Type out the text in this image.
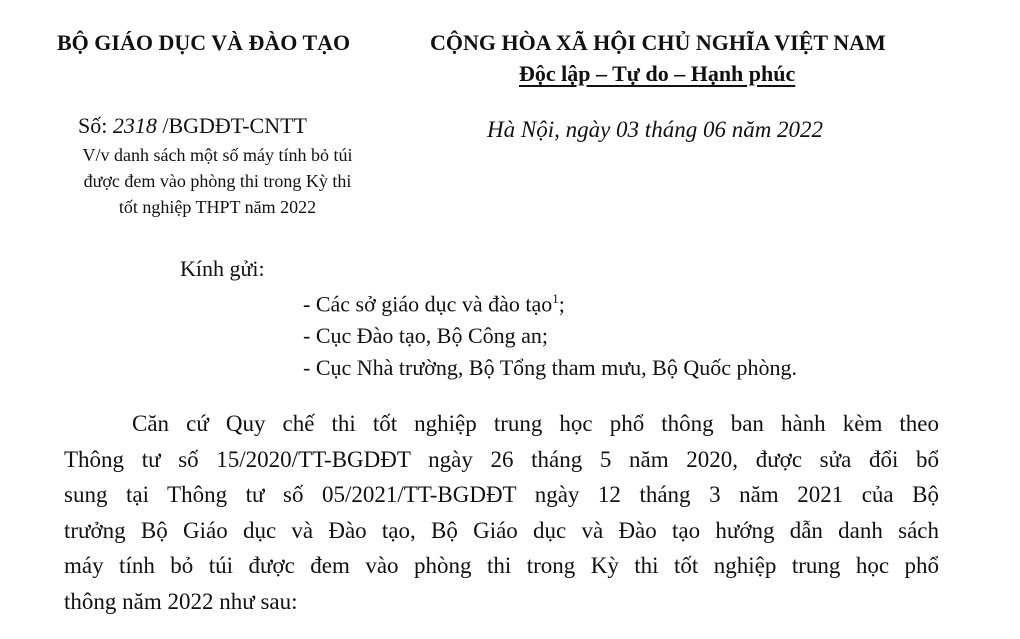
BỘ GIÁO DỤC VÀ ĐÀO TẠO	CỘNG HÒA XÃ HỘI CHỦ NGHĨA VIỆT NAM
Độc lập – Tự do – Hạnh phúc
Số: 2318 /BGDĐT-CNTT	Hà Nội, ngày 03 tháng 06 năm 2022
V/v danh sách một số máy tính bỏ túi
được đem vào phòng thi trong Kỳ thi
tốt nghiệp THPT năm 2022
Kính gửi:
- Các sở giáo dục và đào tạo$^1$;
- Cục Đào tạo, Bộ Công an;
- Cục Nhà trường, Bộ Tổng tham mưu, Bộ Quốc phòng.
Căn cứ Quy chế thi tốt nghiệp trung học phổ thông ban hành kèm theo
Thông tư số 15/2020/TT-BGDĐT ngày 26 tháng 5 năm 2020, được sửa đổi bổ
sung tại Thông tư số 05/2021/TT-BGDĐT ngày 12 tháng 3 năm 2021 của Bộ
trưởng Bộ Giáo dục và Đào tạo, Bộ Giáo dục và Đào tạo hướng dẫn danh sách
máy tính bỏ túi được đem vào phòng thi trong Kỳ thi tốt nghiệp trung học phổ
thông năm 2022 như sau:
